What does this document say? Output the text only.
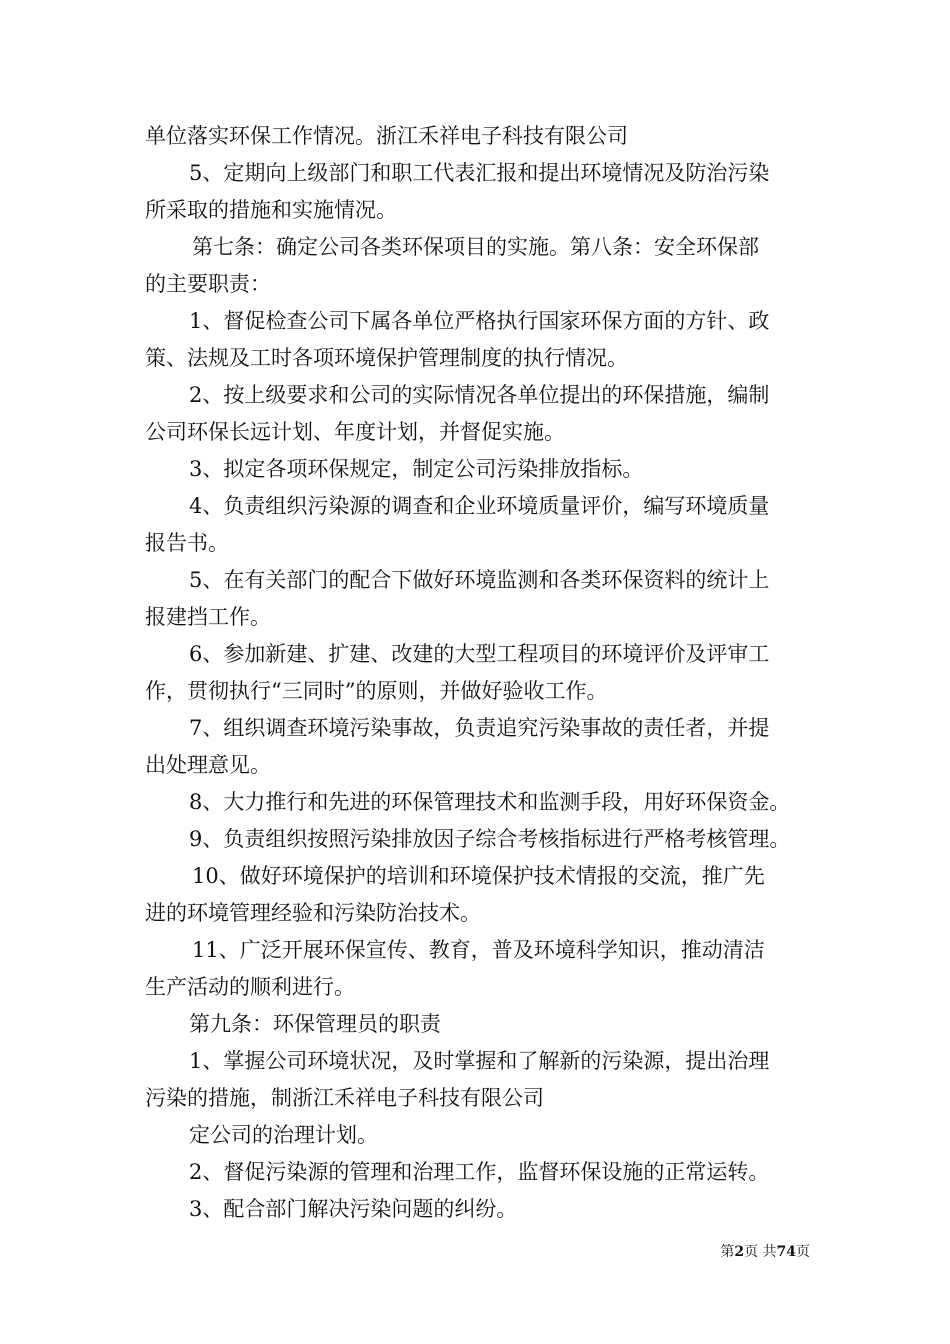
单位落实环保工作情况。浙江禾祥电子科技有限公司
5、定期向上级部门和职工代表汇报和提出环境情况及防治污染
所采取的措施和实施情况。
第七条：确定公司各类环保项目的实施。第八条：安全环保部
的主要职责：
1、督促检查公司下属各单位严格执行国家环保方面的方针、政
策、法规及工时各项环境保护管理制度的执行情况。
2、按上级要求和公司的实际情况各单位提出的环保措施，编制
公司环保长远计划、年度计划，并督促实施。
3、拟定各项环保规定，制定公司污染排放指标。
4、负责组织污染源的调查和企业环境质量评价，编写环境质量
报告书。
5、在有关部门的配合下做好环境监测和各类环保资料的统计上
报建挡工作。
6、参加新建、扩建、改建的大型工程项目的环境评价及评审工
作，贯彻执行“三同时”的原则，并做好验收工作。
7、组织调查环境污染事故，负责追究污染事故的责任者，并提
出处理意见。
8、大力推行和先进的环保管理技术和监测手段，用好环保资金。
9、负责组织按照污染排放因子综合考核指标进行严格考核管理。
10、做好环境保护的培训和环境保护技术情报的交流，推广先
进的环境管理经验和污染防治技术。
11、广泛开展环保宣传、教育，普及环境科学知识，推动清洁
生产活动的顺利进行。
第九条：环保管理员的职责
1、掌握公司环境状况，及时掌握和了解新的污染源，提出治理
污染的措施，制浙江禾祥电子科技有限公司
定公司的治理计划。
2、督促污染源的管理和治理工作，监督环保设施的正常运转。
3、配合部门解决污染问题的纠纷。
第2页 共74页
